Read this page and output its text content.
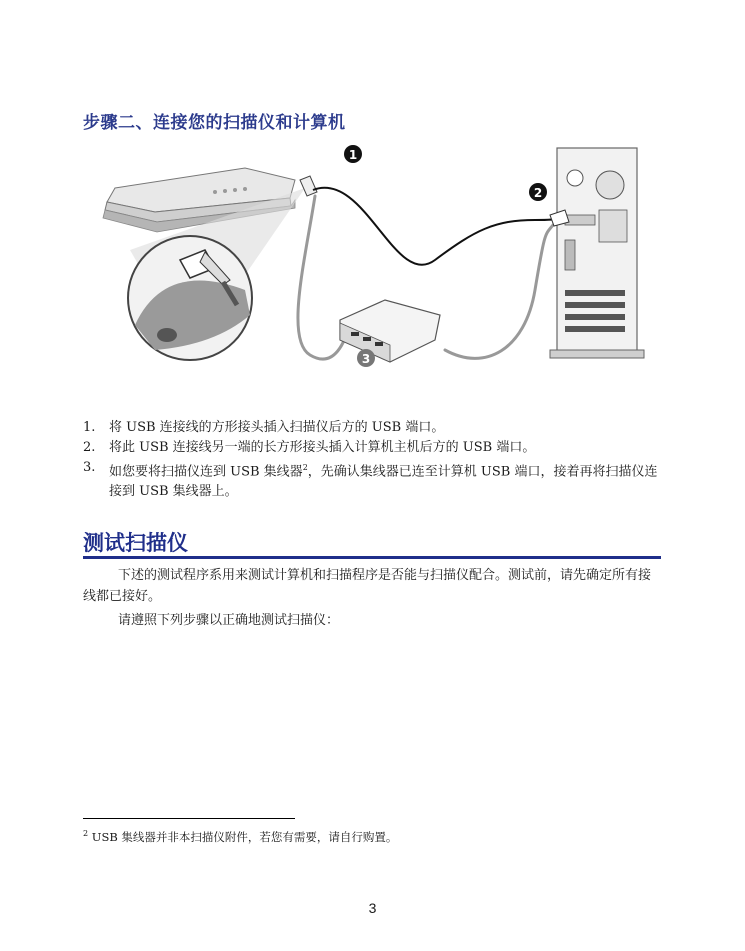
步骤二、连接您的扫描仪和计算机
1
2
3
1.	将 USB 连接线的方形接头插入扫描仪后方的 USB 端口。
2.	将此 USB 连接线另一端的长方形接头插入计算机主机后方的 USB 端口。
3.	如您要将扫描仪连到 USB 集线器$^2$，先确认集线器已连至计算机 USB 端口，接着再将扫描仪连接到 USB 集线器上。
测试扫描仪
下述的测试程序系用来测试计算机和扫描程序是否能与扫描仪配合。测试前，请先确定所有接线都已接好。
请遵照下列步骤以正确地测试扫描仪：
$^2$ USB 集线器并非本扫描仪附件，若您有需要，请自行购置。
3
